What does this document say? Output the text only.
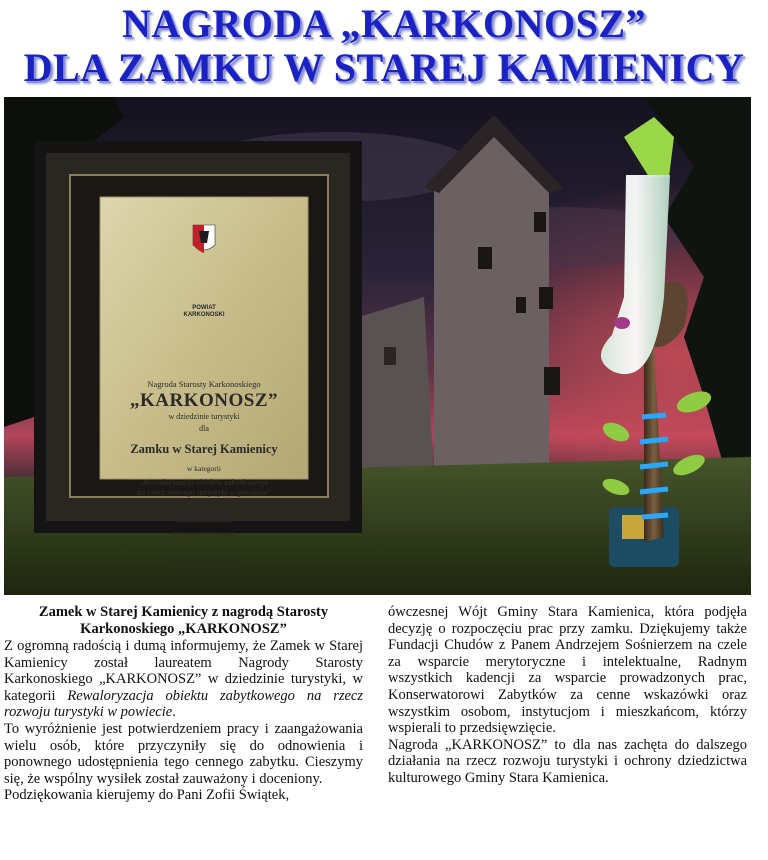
NAGRODA „KARKONOSZ”
DLA ZAMKU W STAREJ KAMIENICY
POWIAT
KARKONOSKI
Nagroda Starosty Karkonoskiego
„KARKONOSZ”
w dziedzinie turystyki
dla
Zamku w Starej Kamienicy
w kategorii
„Rewaloryzacja obiektu zabytkowego
na rzecz rozwoju turystyki w powiecie”
Starosta Karkonoski
Krzysztof Wiśniewski
Jelenia Góra, 6 października 2015 roku
Zamek w Starej Kamienicy z nagrodą Starosty
Karkonoskiego „KARKONOSZ”

Z ogromną radością i dumą informujemy, że Zamek w Starej Kamienicy został laureatem Nagrody Starosty Karkonoskiego „KARKONOSZ” w dziedzinie turystyki, w kategorii Rewaloryzacja obiektu zabytkowego na rzecz rozwoju turystyki w powiecie.

To wyróżnienie jest potwierdzeniem pracy i zaangażowania wielu osób, które przyczyniły się do odnowienia i ponownego udostępnienia tego cennego zabytku. Cieszymy się, że wspólny wysiłek został zauważony i doceniony.

Podziękowania kierujemy do Pani Zofii Świątek,

ówczesnej Wójt Gminy Stara Kamienica, która podjęła decyzję o rozpoczęciu prac przy zamku. Dziękujemy także Fundacji Chudów z Panem Andrzejem Sośnierzem na czele za wsparcie merytoryczne i intelektualne, Radnym wszystkich kadencji za wsparcie prowadzonych prac, Konserwatorowi Zabytków za cenne wskazówki oraz wszystkim osobom, instytucjom i mieszkańcom, którzy wspierali to przedsięwzięcie.

Nagroda „KARKONOSZ” to dla nas zachęta do dalszego działania na rzecz rozwoju turystyki i ochrony dziedzictwa kulturowego Gminy Stara Kamienica.
